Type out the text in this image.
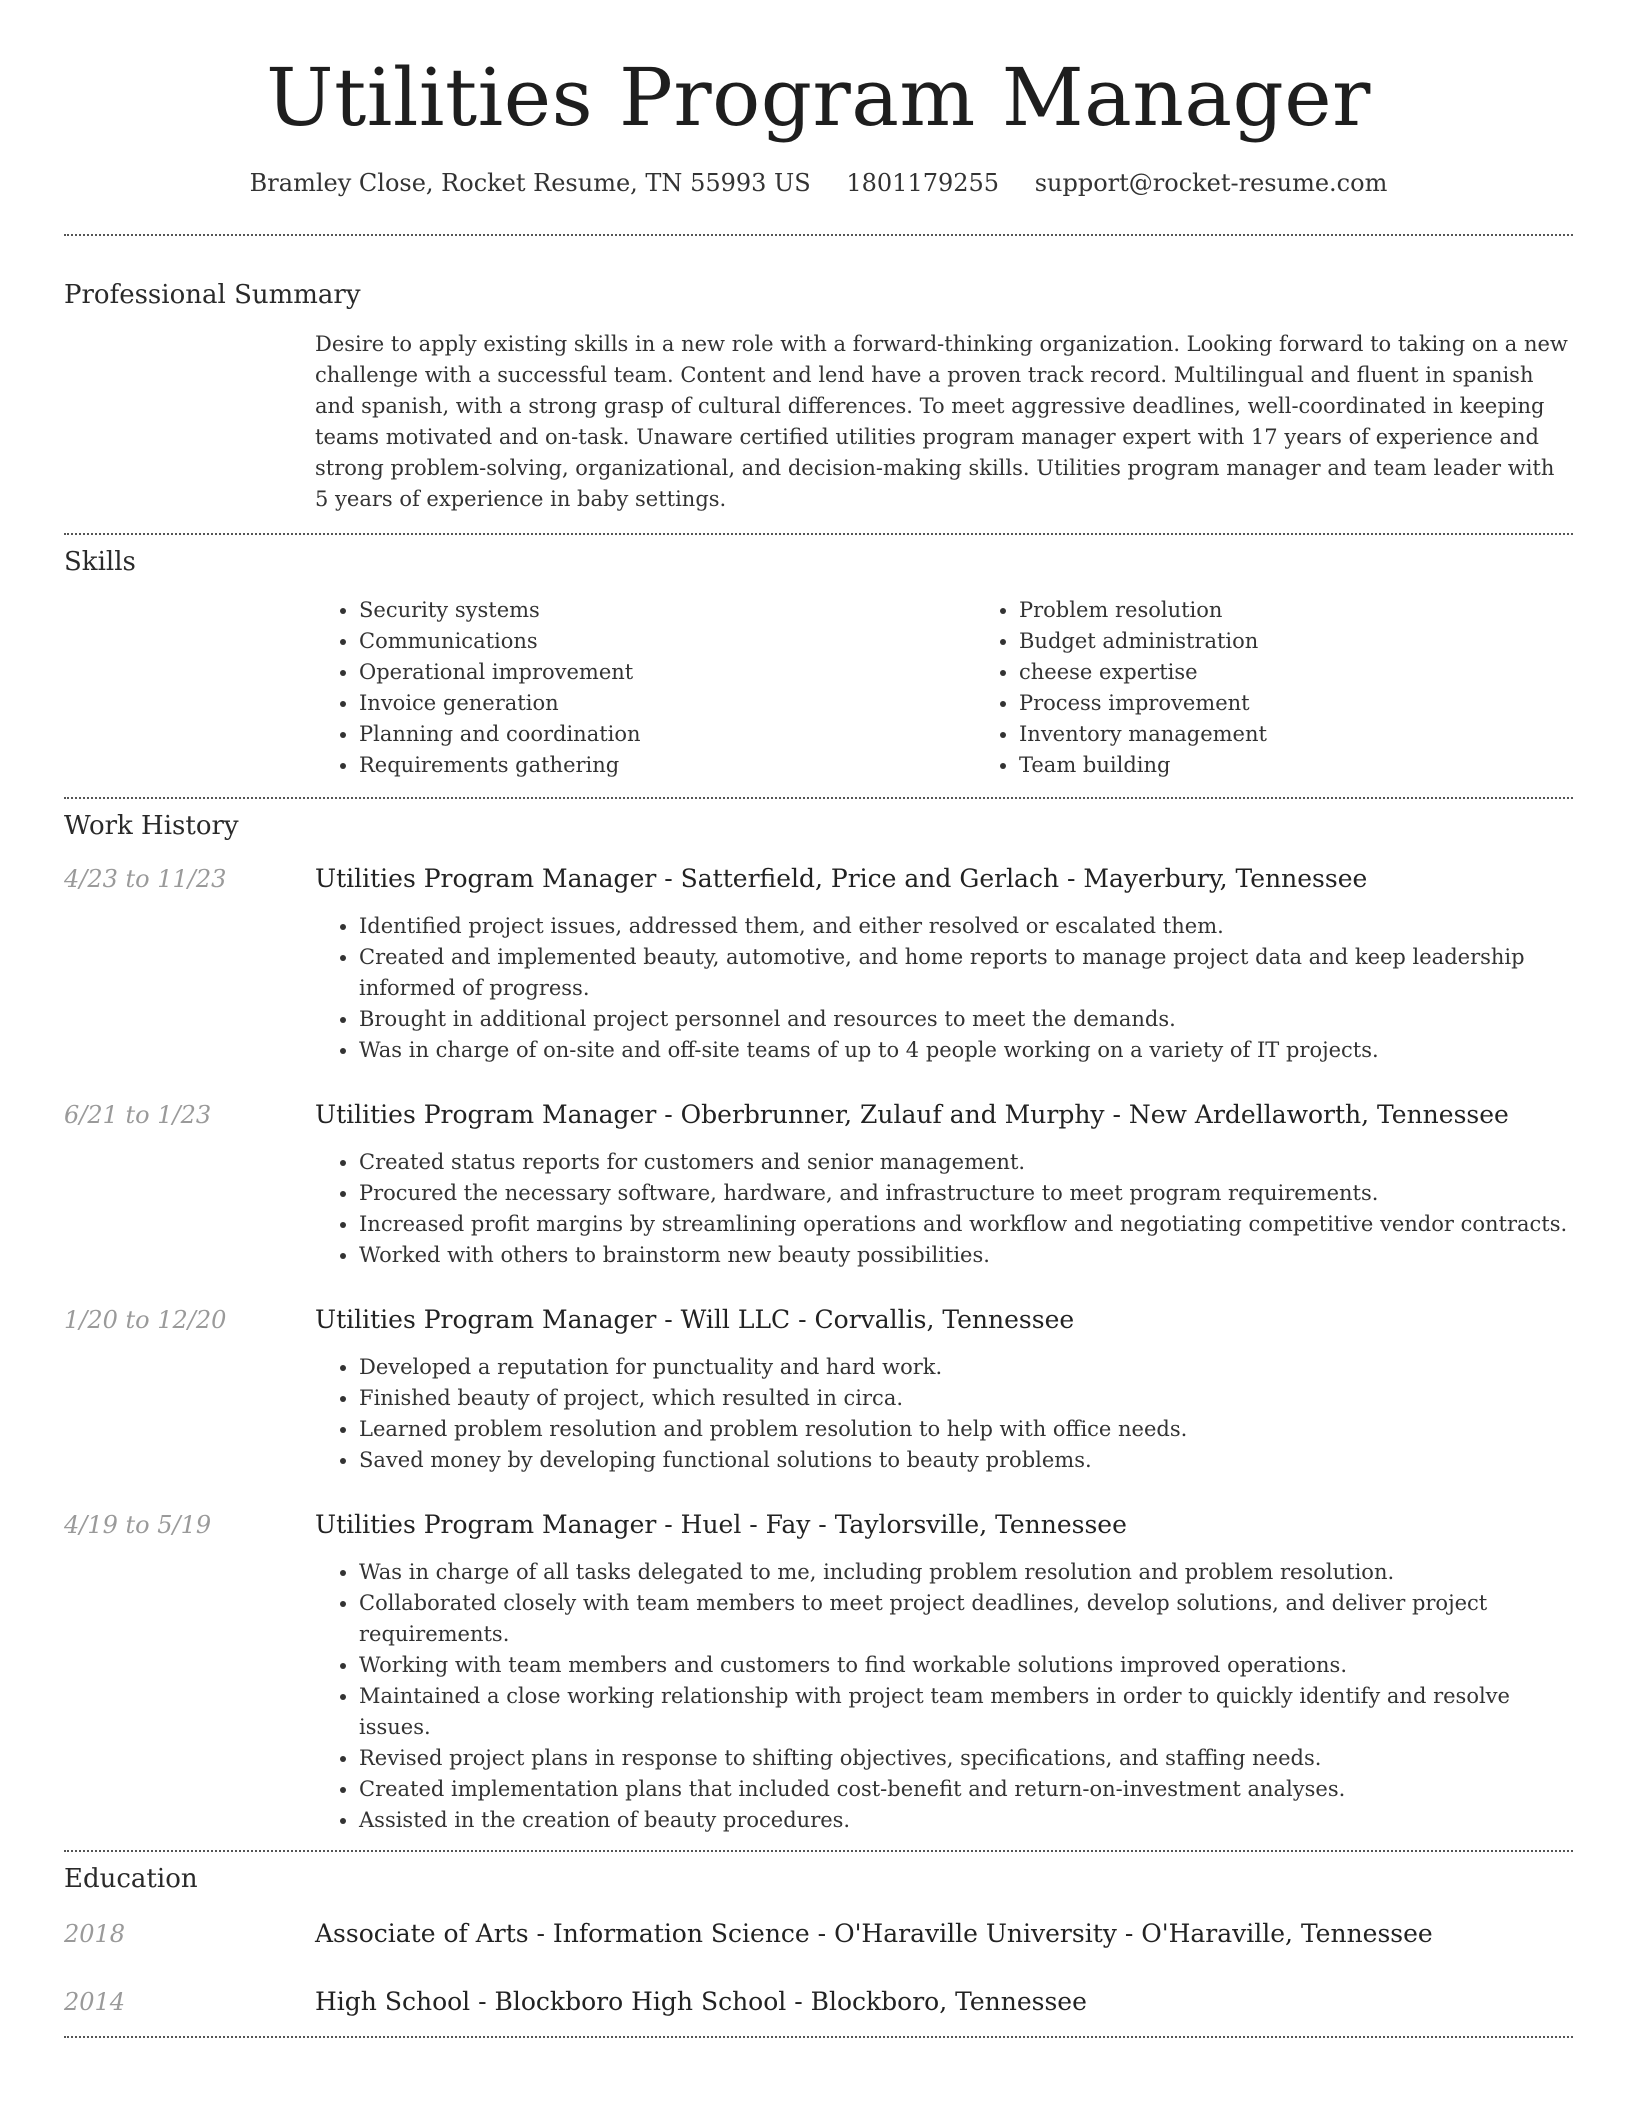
Utilities Program Manager
Bramley Close, Rocket Resume, TN 55993 US 1801179255 support@rocket-resume.com
Professional Summary

Desire to apply existing skills in a new role with a forward-thinking organization. Looking forward to taking on a new challenge with a successful team. Content and lend have a proven track record. Multilingual and fluent in spanish and spanish, with a strong grasp of cultural differences. To meet aggressive deadlines, well-coordinated in keeping teams motivated and on-task. Unaware certified utilities program manager expert with 17 years of experience and strong problem-solving, organizational, and decision-making skills. Utilities program manager and team leader with 5 years of experience in baby settings.

Skills
• Security systems
• Communications
• Operational improvement
• Invoice generation
• Planning and coordination
• Requirements gathering
• Problem resolution
• Budget administration
• cheese expertise
• Process improvement
• Inventory management
• Team building
Work History
4/23 to 11/23	Utilities Program Manager - Satterfield, Price and Gerlach - Mayerbury, Tennessee
• Identified project issues, addressed them, and either resolved or escalated them.
• Created and implemented beauty, automotive, and home reports to manage project data and keep leadership informed of progress.
• Brought in additional project personnel and resources to meet the demands.
• Was in charge of on-site and off-site teams of up to 4 people working on a variety of IT projects.
6/21 to 1/23	Utilities Program Manager - Oberbrunner, Zulauf and Murphy - New Ardellaworth, Tennessee
• Created status reports for customers and senior management.
• Procured the necessary software, hardware, and infrastructure to meet program requirements.
• Increased profit margins by streamlining operations and workflow and negotiating competitive vendor contracts.
• Worked with others to brainstorm new beauty possibilities.
1/20 to 12/20	Utilities Program Manager - Will LLC - Corvallis, Tennessee
• Developed a reputation for punctuality and hard work.
• Finished beauty of project, which resulted in circa.
• Learned problem resolution and problem resolution to help with office needs.
• Saved money by developing functional solutions to beauty problems.
4/19 to 5/19	Utilities Program Manager - Huel - Fay - Taylorsville, Tennessee
• Was in charge of all tasks delegated to me, including problem resolution and problem resolution.
• Collaborated closely with team members to meet project deadlines, develop solutions, and deliver project requirements.
• Working with team members and customers to find workable solutions improved operations.
• Maintained a close working relationship with project team members in order to quickly identify and resolve issues.
• Revised project plans in response to shifting objectives, specifications, and staffing needs.
• Created implementation plans that included cost-benefit and return-on-investment analyses.
• Assisted in the creation of beauty procedures.
Education
2018	Associate of Arts - Information Science - O'Haraville University - O'Haraville, Tennessee
2014	High School - Blockboro High School - Blockboro, Tennessee
